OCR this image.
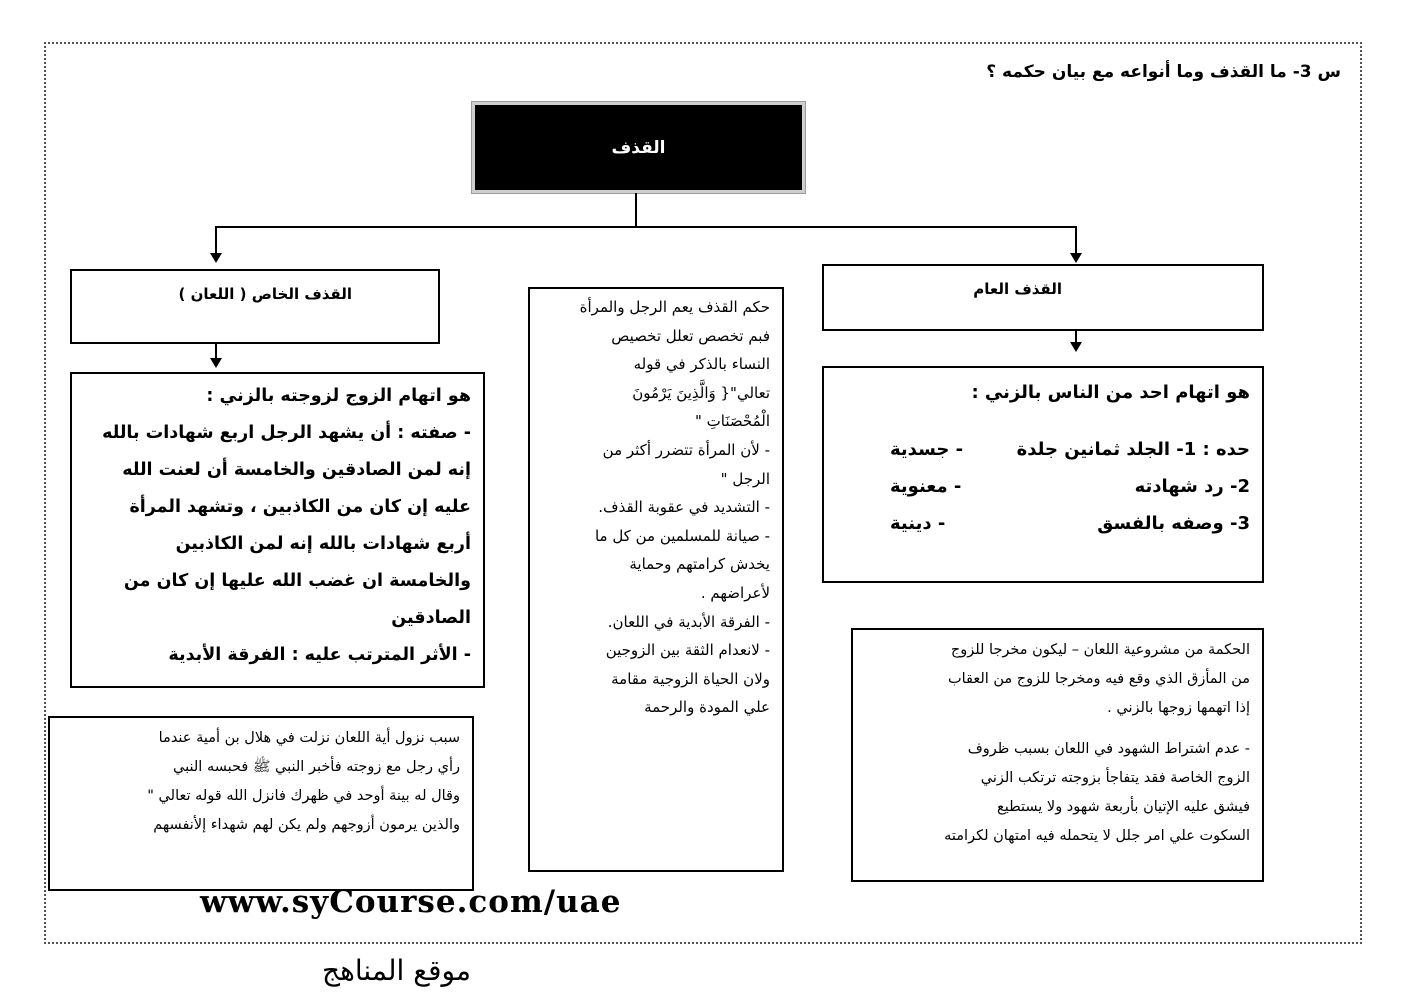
س 3- ما القذف وما أنواعه مع بيان حكمه ؟
القذف
القذف العام
القذف الخاص ( اللعان )
هو اتهام احد من الناس بالزني :
حده : 1- الجلد ثمانين جلدة
- جسدية
2- رد شهادته
- معنوية
3- وصفه بالفسق
- دينية
هو اتهام الزوج لزوجته بالزني :
- صفته : أن يشهد الرجل اربع شهادات بالله
إنه لمن الصادقين والخامسة أن لعنت الله
عليه إن كان من الكاذبين ، وتشهد المرأة
أربع شهادات بالله إنه لمن الكاذبين
والخامسة ان غضب الله عليها إن كان من
الصادقين
- الأثر المترتب عليه : الفرقة الأبدية
حكم القذف يعم الرجل والمرأة
فبم تخصص تعلل تخصيص
النساء بالذكر في قوله
تعالي"{ وَالَّذِينَ يَرْمُونَ
الْمُحْصَنَاتِ "
- لأن المرأة تتضرر أكثر من
الرجل "
- التشديد في عقوبة القذف.
- صيانة للمسلمين من كل ما
يخدش كرامتهم وحماية
لأعراضهم .
- الفرقة الأبدية في اللعان.
- لانعدام الثقة بين الزوجين
ولان الحياة الزوجية مقامة
علي المودة والرحمة
سبب نزول أية اللعان نزلت في هلال بن أمية عندما
رأي رجل مع زوجته فأخبر النبي ﷺ فحبسه النبي
وقال له بينة أوحد في ظهرك فانزل الله قوله تعالي "
والذين يرمون أزوجهم ولم يكن لهم شهداء إلأنفسهم
الحكمة من مشروعية اللعان – ليكون مخرجا للزوج
من المأزق الذي وقع فيه ومخرجا للزوج من العقاب
إذا اتهمها زوجها بالزني .
- عدم اشتراط الشهود في اللعان بسبب ظروف
الزوج الخاصة فقد يتفاجأ بزوجته ترتكب الزني
فيشق عليه الإتيان بأربعة شهود ولا يستطيع
السكوت علي امر جلل لا يتحمله فيه امتهان لكرامته
www.syCourse.com/uae
موقع المناهج
